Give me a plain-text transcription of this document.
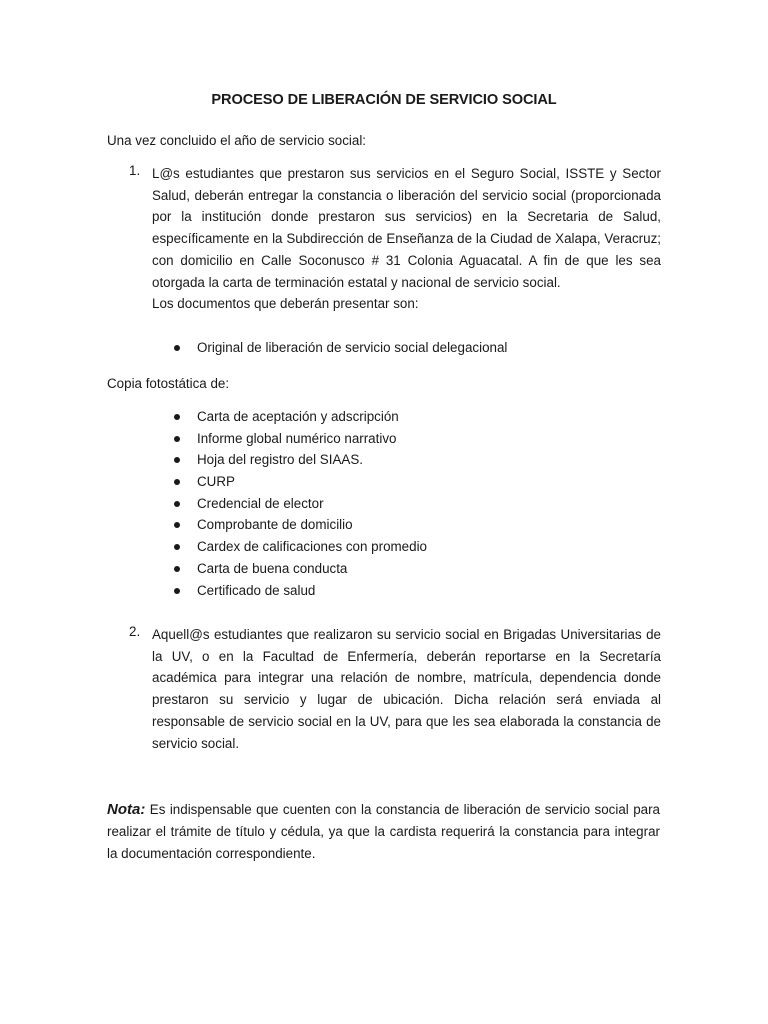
PROCESO DE LIBERACIÓN DE SERVICIO SOCIAL
Una vez concluido el año de servicio social:
1. L@s estudiantes que prestaron sus servicios en el Seguro Social, ISSTE y Sector Salud, deberán entregar la constancia o liberación del servicio social (proporcionada por la institución donde prestaron sus servicios) en la Secretaria de Salud, específicamente en la Subdirección de Enseñanza de la Ciudad de Xalapa, Veracruz; con domicilio en Calle Soconusco # 31 Colonia Aguacatal. A fin de que les sea otorgada la carta de terminación estatal y nacional de servicio social.

Los documentos que deberán presentar son:

Original de liberación de servicio social delegacional
Copia fotostática de:
Carta de aceptación y adscripción
Informe global numérico narrativo
Hoja del registro del SIAAS.
CURP
Credencial de elector
Comprobante de domicilio
Cardex de calificaciones con promedio
Carta de buena conducta
Certificado de salud
2. Aquell@s estudiantes que realizaron su servicio social en Brigadas Universitarias de la UV, o en la Facultad de Enfermería, deberán reportarse en la Secretaría académica para integrar una relación de nombre, matrícula, dependencia donde prestaron su servicio y lugar de ubicación. Dicha relación será enviada al responsable de servicio social en la UV, para que les sea elaborada la constancia de servicio social.

Nota: Es indispensable que cuenten con la constancia de liberación de servicio social para realizar el trámite de título y cédula, ya que la cardista requerirá la constancia para integrar la documentación correspondiente.
